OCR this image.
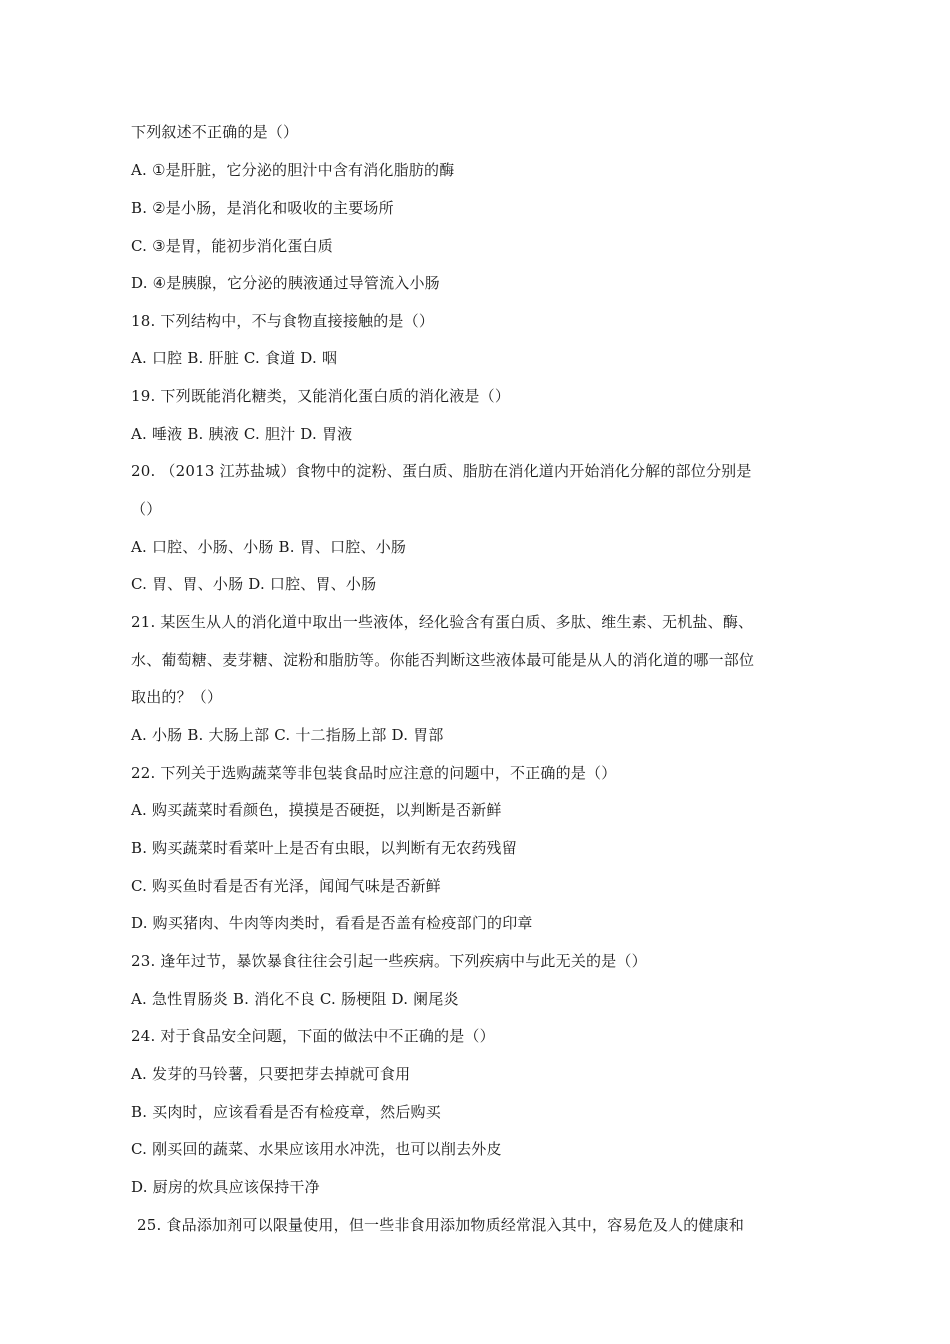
下列叙述不正确的是（）
A. ①是肝脏，它分泌的胆汁中含有消化脂肪的酶
B. ②是小肠，是消化和吸收的主要场所
C. ③是胃，能初步消化蛋白质
D. ④是胰腺，它分泌的胰液通过导管流入小肠
18. 下列结构中，不与食物直接接触的是（）
A. 口腔 B. 肝脏 C. 食道 D. 咽
19. 下列既能消化糖类，又能消化蛋白质的消化液是（）
A. 唾液 B. 胰液 C. 胆汁 D. 胃液
20. （2013 江苏盐城）食物中的淀粉、蛋白质、脂肪在消化道内开始消化分解的部位分别是
（）
A. 口腔、小肠、小肠 B. 胃、口腔、小肠
C. 胃、胃、小肠 D. 口腔、胃、小肠
21. 某医生从人的消化道中取出一些液体，经化验含有蛋白质、多肽、维生素、无机盐、酶、
水、葡萄糖、麦芽糖、淀粉和脂肪等。你能否判断这些液体最可能是从人的消化道的哪一部位
取出的？（）
A. 小肠 B. 大肠上部 C. 十二指肠上部 D. 胃部
22. 下列关于选购蔬菜等非包装食品时应注意的问题中，不正确的是（）
A. 购买蔬菜时看颜色，摸摸是否硬挺，以判断是否新鲜
B. 购买蔬菜时看菜叶上是否有虫眼，以判断有无农药残留
C. 购买鱼时看是否有光泽，闻闻气味是否新鲜
D. 购买猪肉、牛肉等肉类时，看看是否盖有检疫部门的印章
23. 逢年过节，暴饮暴食往往会引起一些疾病。下列疾病中与此无关的是（）
A. 急性胃肠炎 B. 消化不良 C. 肠梗阻 D. 阑尾炎
24. 对于食品安全问题，下面的做法中不正确的是（）
A. 发芽的马铃薯，只要把芽去掉就可食用
B. 买肉时，应该看看是否有检疫章，然后购买
C. 刚买回的蔬菜、水果应该用水冲洗，也可以削去外皮
D. 厨房的炊具应该保持干净
25. 食品添加剂可以限量使用，但一些非食用添加物质经常混入其中，容易危及人的健康和
